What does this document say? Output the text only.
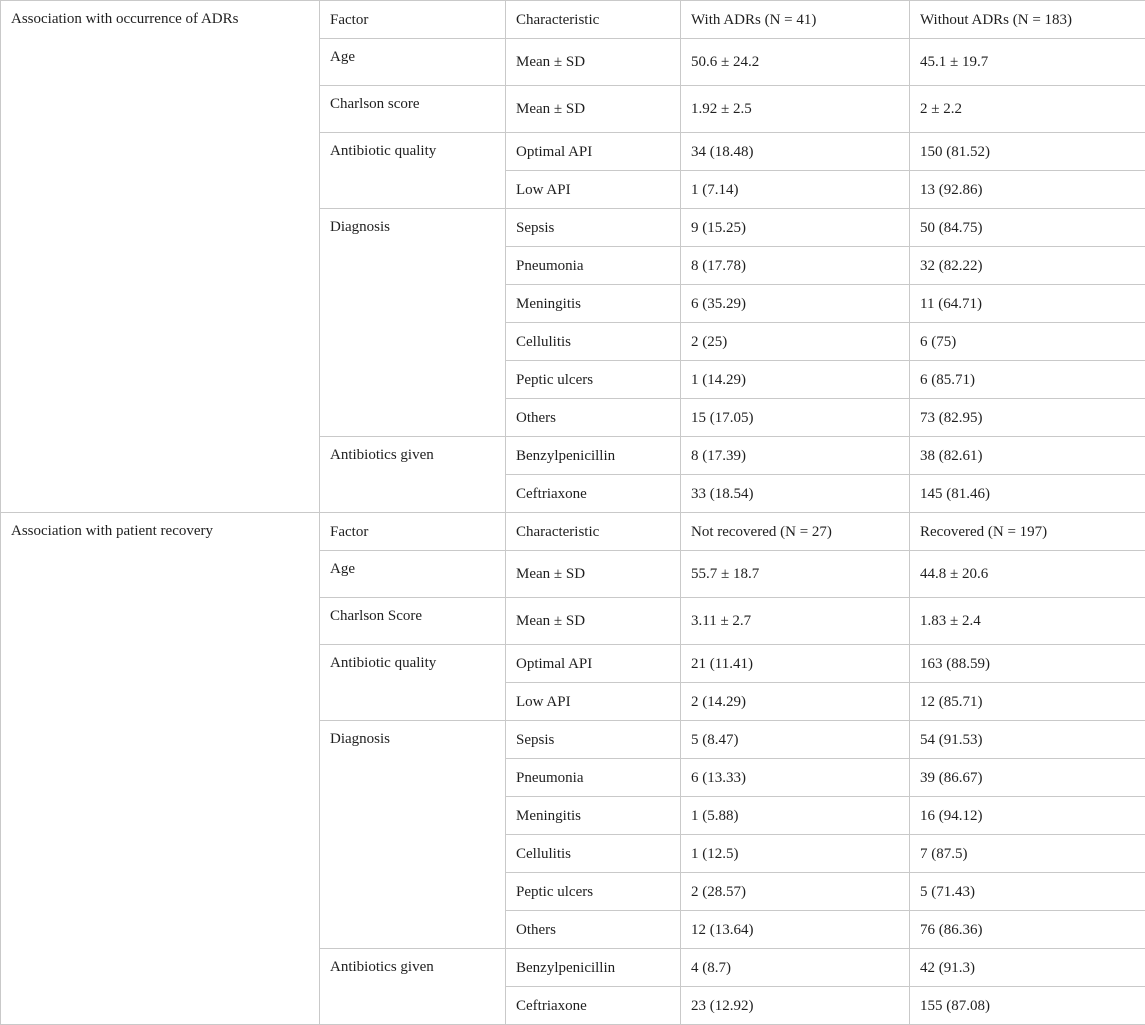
Association with occurrence of ADRs	Factor	Characteristic	With ADRs (N = 41)	Without ADRs (N = 183)
	Age	Mean ± SD	50.6 ± 24.2	45.1 ± 19.7
	Charlson score	Mean ± SD	1.92 ± 2.5	2 ± 2.2
	Antibiotic quality	Optimal API	34 (18.48)	150 (81.52)
		Low API	1 (7.14)	13 (92.86)
	Diagnosis	Sepsis	9 (15.25)	50 (84.75)
		Pneumonia	8 (17.78)	32 (82.22)
		Meningitis	6 (35.29)	11 (64.71)
		Cellulitis	2 (25)	6 (75)
		Peptic ulcers	1 (14.29)	6 (85.71)
		Others	15 (17.05)	73 (82.95)
	Antibiotics given	Benzylpenicillin	8 (17.39)	38 (82.61)
		Ceftriaxone	33 (18.54)	145 (81.46)
Association with patient recovery	Factor	Characteristic	Not recovered (N = 27)	Recovered (N = 197)
	Age	Mean ± SD	55.7 ± 18.7	44.8 ± 20.6
	Charlson Score	Mean ± SD	3.11 ± 2.7	1.83 ± 2.4
	Antibiotic quality	Optimal API	21 (11.41)	163 (88.59)
		Low API	2 (14.29)	12 (85.71)
	Diagnosis	Sepsis	5 (8.47)	54 (91.53)
		Pneumonia	6 (13.33)	39 (86.67)
		Meningitis	1 (5.88)	16 (94.12)
		Cellulitis	1 (12.5)	7 (87.5)
		Peptic ulcers	2 (28.57)	5 (71.43)
		Others	12 (13.64)	76 (86.36)
	Antibiotics given	Benzylpenicillin	4 (8.7)	42 (91.3)
		Ceftriaxone	23 (12.92)	155 (87.08)
